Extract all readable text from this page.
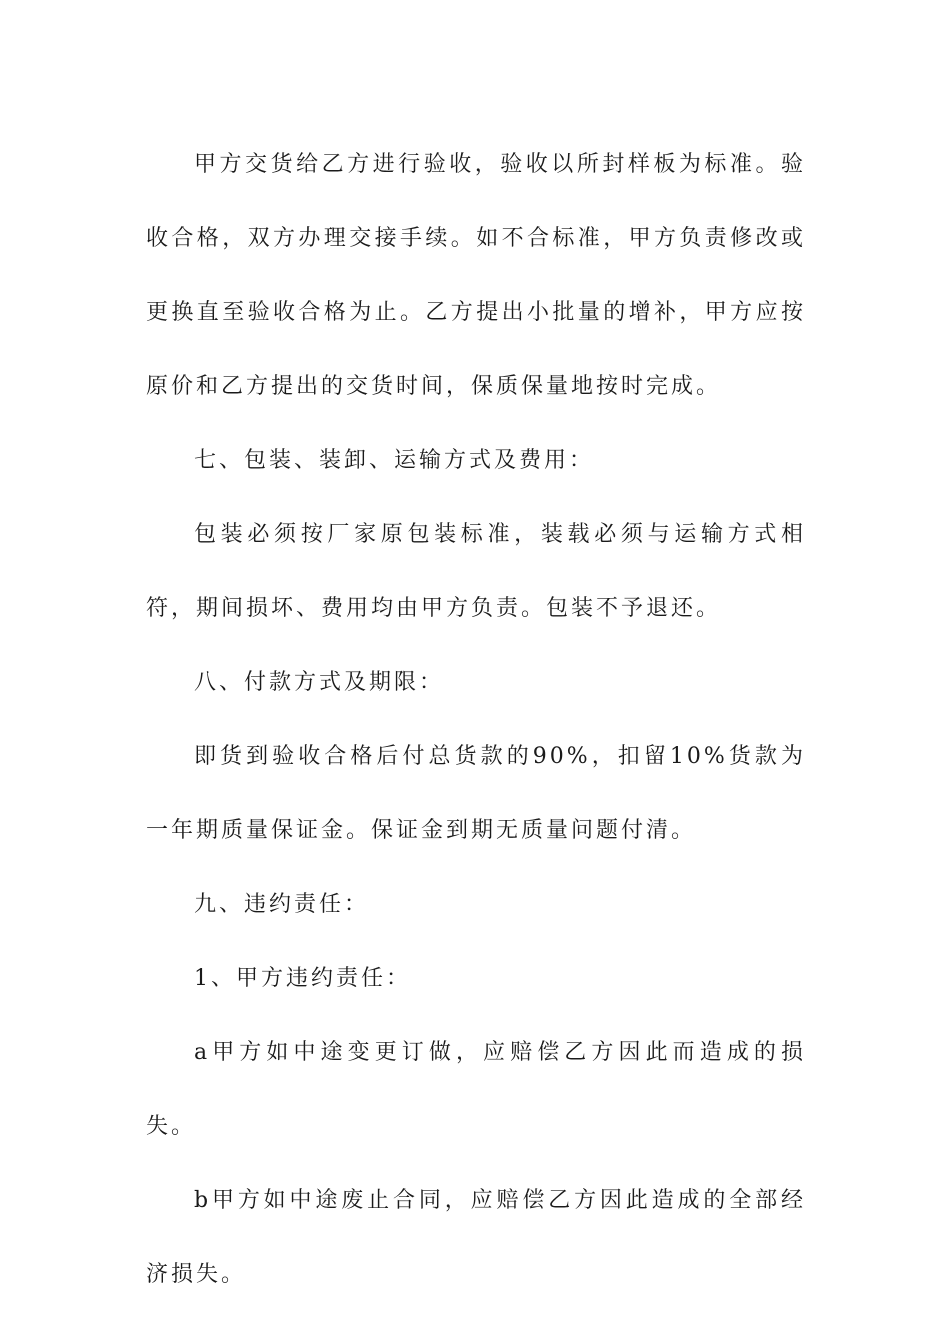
甲方交货给乙方进行验收，验收以所封样板为标准。验收合格，双方办理交接手续。如不合标准，甲方负责修改或更换直至验收合格为止。乙方提出小批量的增补，甲方应按原价和乙方提出的交货时间，保质保量地按时完成。

七、包装、装卸、运输方式及费用：

包装必须按厂家原包装标准，装载必须与运输方式相符，期间损坏、费用均由甲方负责。包装不予退还。

八、付款方式及期限：

即货到验收合格后付总货款的90%，扣留10%货款为一年期质量保证金。保证金到期无质量问题付清。

九、违约责任：

1、甲方违约责任：

a甲方如中途变更订做，应赔偿乙方因此而造成的损失。

b甲方如中途废止合同，应赔偿乙方因此造成的全部经济损失。
